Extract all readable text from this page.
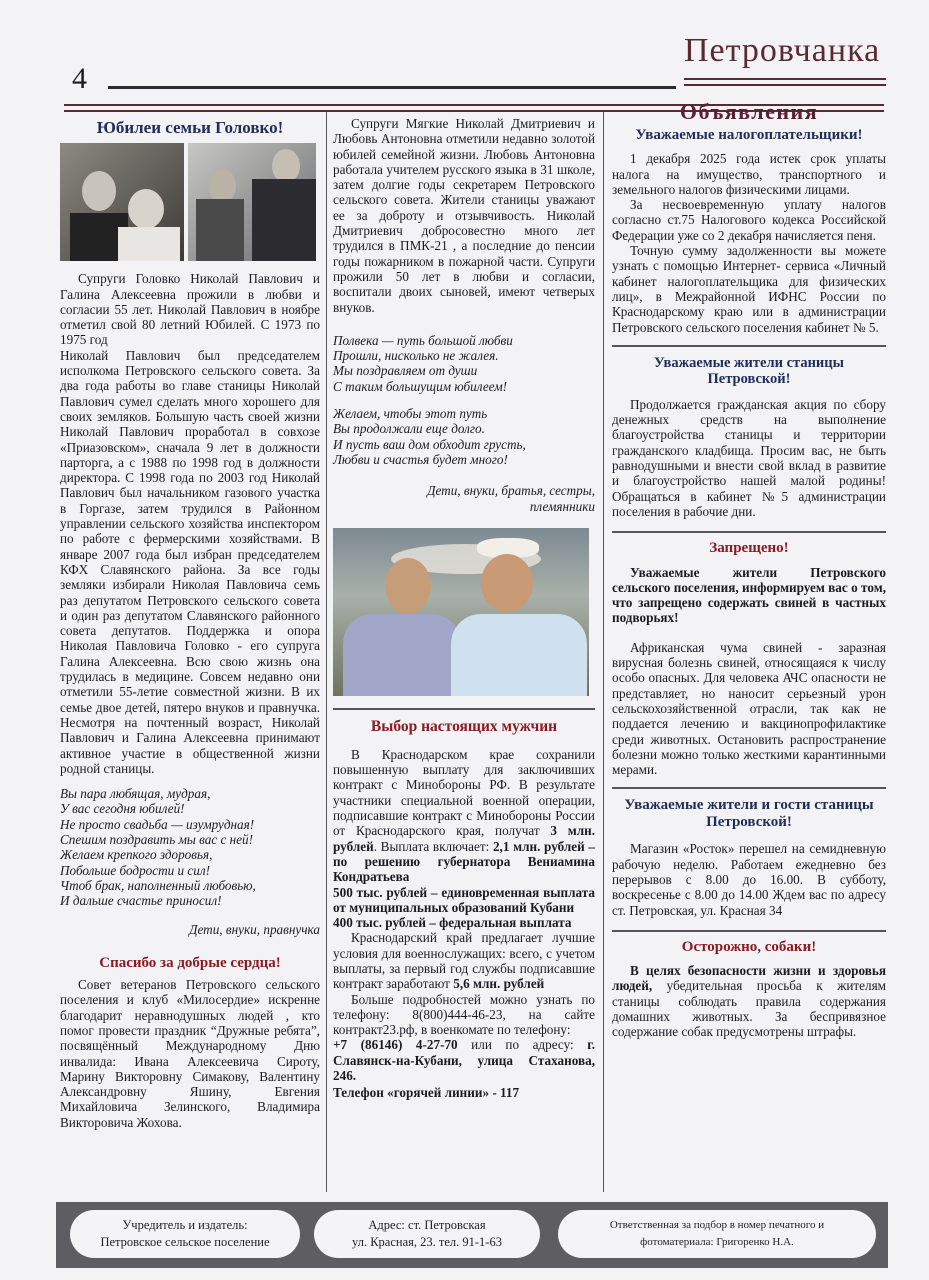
4
Петровчанка
Юбилеи семьи Головко!

Супруги Головко Николай Павлович и Галина Алексеевна прожили в любви и согласии 55 лет. Николай Павлович в ноябре отметил свой 80 летний Юбилей. С 1973 по 1975 год

Николай Павлович был председателем исполкома Петровского сельского совета. За два года работы во главе станицы Николай Павлович сумел сделать много хорошего для своих земляков. Большую часть своей жизни Николай Павлович проработал в совхозе «Приазовском», сначала 9 лет в должности парторга, а с 1988 по 1998 год в должности директора. С 1998 года по 2003 год Николай Павлович был начальником газового участка в Горгазе, затем трудился в Районном управлении сельского хозяйства инспектором по работе с фермерскими хозяйствами. В январе 2007 года был избран председателем КФХ Славянского района. За все годы земляки избирали Николая Павловича семь раз депутатом Петровского сельского совета и один раз депутатом Славянского районного совета депутатов. Поддержка и опора Николая Павловича Головко - его супруга Галина Алексеевна. Всю свою жизнь она трудилась в медицине. Совсем недавно они отметили 55-летие совместной жизни. В их семье двое детей, пятеро внуков и правнучка. Несмотря на почтенный возраст, Николай Павлович и Галина Алексеевна принимают активное участие в общественной жизни родной станицы.

Вы пара любящая, мудрая,
У вас сегодня юбилей!
Не просто свадьба — изумрудная!
Спешим поздравить мы вас с ней!
Желаем крепкого здоровья,
Побольше бодрости и сил!
Чтоб брак, наполненный любовью,
И дальше счастье приносил!
Дети, внуки, правнучка
Спасибо за добрые сердца!

Совет ветеранов Петровского сельского поселения и клуб «Милосердие» искренне благодарит неравнодушных людей , кто помог провести праздник “Дружные ребята”, посвящённый Международному Дню инвалида: Ивана Алексеевича Сироту, Марину Викторовну Симакову, Валентину Александровну Яшину, Евгения Михайловича Зелинского, Владимира Викторовича Жохова.

Супруги Мягкие Николай Дмитриевич и Любовь Антоновна отметили недавно золотой юбилей семейной жизни. Любовь Антоновна работала учителем русского языка в 31 школе, затем долгие годы секретарем Петровского сельского совета. Жители станицы уважают ее за доброту и отзывчивость. Николай Дмитриевич добросовестно много лет трудился в ПМК-21 , а последние до пенсии годы пожарником в пожарной части. Супруги прожили 50 лет в любви и согласии, воспитали двоих сыновей, имеют четверых внуков.

Полвека — путь большой любви
Прошли, нисколько не жалея.
Мы поздравляем от души
С таким большущим юбилеем!
Желаем, чтобы этот путь
Вы продолжали еще долго.
И пусть ваш дом обходит грусть,
Любви и счастья будет много!
Дети, внуки, братья, сестры, племянники
Выбор настоящих мужчин

В Краснодарском крае сохранили повышенную выплату для заключивших контракт с Минобороны РФ. В результате участники специальной военной операции, подписавшие контракт с Минобороны России от Краснодарского края, получат 3 млн. рублей. Выплата включает: 2,1 млн. рублей – по решению губернатора Вениамина Кондратьева

500 тыс. рублей – единовременная выплата от муниципальных образований Кубани

400 тыс. рублей – федеральная выплата

Краснодарский край предлагает лучшие условия для военнослужащих: всего, с учетом выплаты, за первый год службы подписавшие контракт заработают 5,6 млн. рублей

Больше подробностей можно узнать по телефону: 8(800)444-46-23, на сайте контракт23.рф, в военкомате по телефону:

+7 (86146) 4-27-70 или по адресу: г. Славянск-на-Кубани, улица Стаханова, 246.

Телефон «горячей линии» - 117

Объявления
Уважаемые налогоплательщики!

1 декабря 2025 года истек срок уплаты налога на имущество, транспортного и земельного налогов физическими лицами.

За несвоевременную уплату налогов согласно ст.75 Налогового кодекса Российской Федерации уже со 2 декабря начисляется пеня.

Точную сумму задолженности вы можете узнать с помощью Интернет- сервиса «Личный кабинет налогоплательщика для физических лиц», в Межрайонной ИФНС России по Краснодарскому краю или в администрации Петровского сельского поселения кабинет № 5.

Уважаемые жители станицы Петровской!

Продолжается гражданская акция по сбору денежных средств на выполнение благоустройства станицы и территории гражданского кладбища. Просим вас, не быть равнодушными и внести свой вклад в развитие и благоустройство нашей малой родины! Обращаться в кабинет №5 администрации поселения в рабочие дни.

Запрещено!

Уважаемые жители Петровского сельского поселения, информируем вас о том, что запрещено содержать свиней в частных подворьях!

Африканская чума свиней - заразная вирусная болезнь свиней, относящаяся к числу особо опасных. Для человека АЧС опасности не представляет, но наносит серьезный урон сельскохозяйственной отрасли, так как не поддается лечению и вакцинопрофилактике среди животных. Остановить распространение болезни можно только жесткими карантинными мерами.

Уважаемые жители и гости станицы Петровской!

Магазин «Росток» перешел на семидневную рабочую неделю. Работаем ежедневно без перерывов с 8.00 до 16.00. В субботу, воскресенье с 8.00 до 14.00 Ждем вас по адресу ст. Петровская, ул. Красная 34

Осторожно, собаки!

В целях безопасности жизни и здоровья людей, убедительная просьба к жителям станицы соблюдать правила содержания домашних животных. За беспривязное содержание собак предусмотрены штрафы.

Учредитель и издатель:
Петровское сельское поселение
Адрес: ст. Петровская
ул. Красная, 23. тел. 91-1-63
Ответственная за подбор в номер печатного и
фотоматериала: Григоренко Н.А.
